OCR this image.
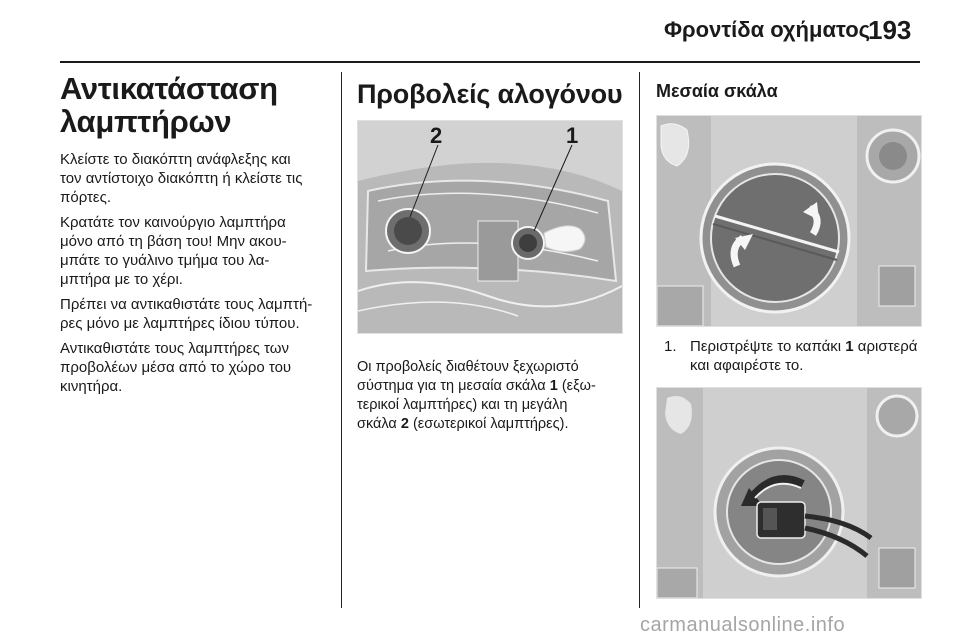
Φροντίδα οχήματος
193
Αντικατάσταση
λαμπτήρων

Κλείστε το διακόπτη ανάφλεξης και
τον αντίστοιχο διακόπτη ή κλείστε τις
πόρτες.

Κρατάτε τον καινούργιο λαμπτήρα
μόνο από τη βάση του! Μην ακου-
μπάτε το γυάλινο τμήμα του λα-
μπτήρα με το χέρι.

Πρέπει να αντικαθιστάτε τους λαμπτή-
ρες μόνο με λαμπτήρες ίδιου τύπου.

Αντικαθιστάτε τους λαμπτήρες των
προβολέων μέσα από το χώρο του
κινητήρα.

Προβολείς αλογόνου
2	1

Οι προβολείς διαθέτουν ξεχωριστό
σύστημα για τη μεσαία σκάλα 1 (εξω-
τερικοί λαμπτήρες) και τη μεγάλη
σκάλα 2 (εσωτερικοί λαμπτήρες).

Μεσαία σκάλα
1. Περιστρέψτε το καπάκι 1 αριστερά
και αφαιρέστε το.
carmanualsonline.info
